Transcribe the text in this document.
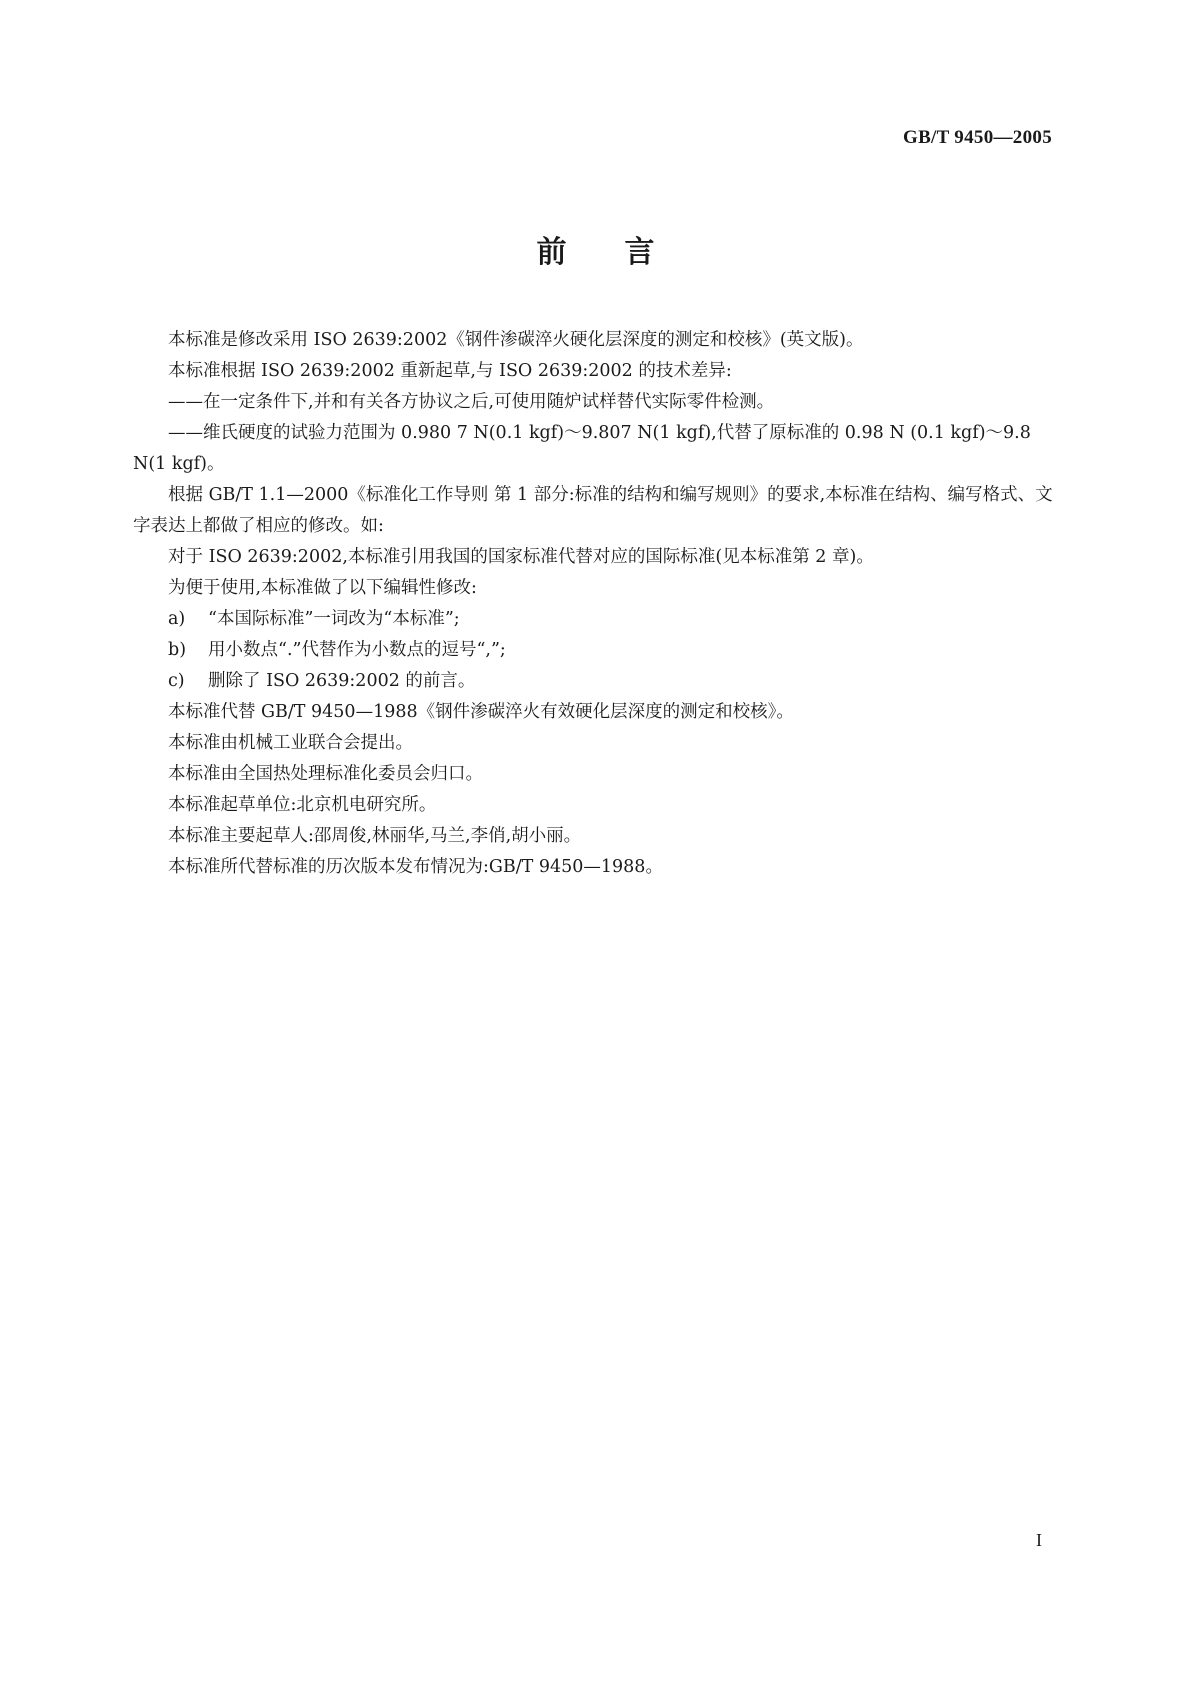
GB/T 9450—2005
前言

本标准是修改采用 ISO 2639:2002《钢件渗碳淬火硬化层深度的测定和校核》(英文版)。

本标准根据 ISO 2639:2002 重新起草,与 ISO 2639:2002 的技术差异:

——在一定条件下,并和有关各方协议之后,可使用随炉试样替代实际零件检测。

——维氏硬度的试验力范围为 0.980 7 N(0.1 kgf)～9.807 N(1 kgf),代替了原标准的 0.98 N (0.1 kgf)～9.8 N(1 kgf)。

根据 GB/T 1.1—2000《标准化工作导则 第 1 部分:标准的结构和编写规则》的要求,本标准在结构、编写格式、文字表达上都做了相应的修改。如:

对于 ISO 2639:2002,本标准引用我国的国家标准代替对应的国际标准(见本标准第 2 章)。

为便于使用,本标准做了以下编辑性修改:

a) “本国际标准”一词改为“本标准”;

b) 用小数点“.”代替作为小数点的逗号“,”;

c) 删除了 ISO 2639:2002 的前言。

本标准代替 GB/T 9450—1988《钢件渗碳淬火有效硬化层深度的测定和校核》。

本标准由机械工业联合会提出。

本标准由全国热处理标准化委员会归口。

本标准起草单位:北京机电研究所。

本标准主要起草人:邵周俊,林丽华,马兰,李俏,胡小丽。

本标准所代替标准的历次版本发布情况为:GB/T 9450—1988。

I
